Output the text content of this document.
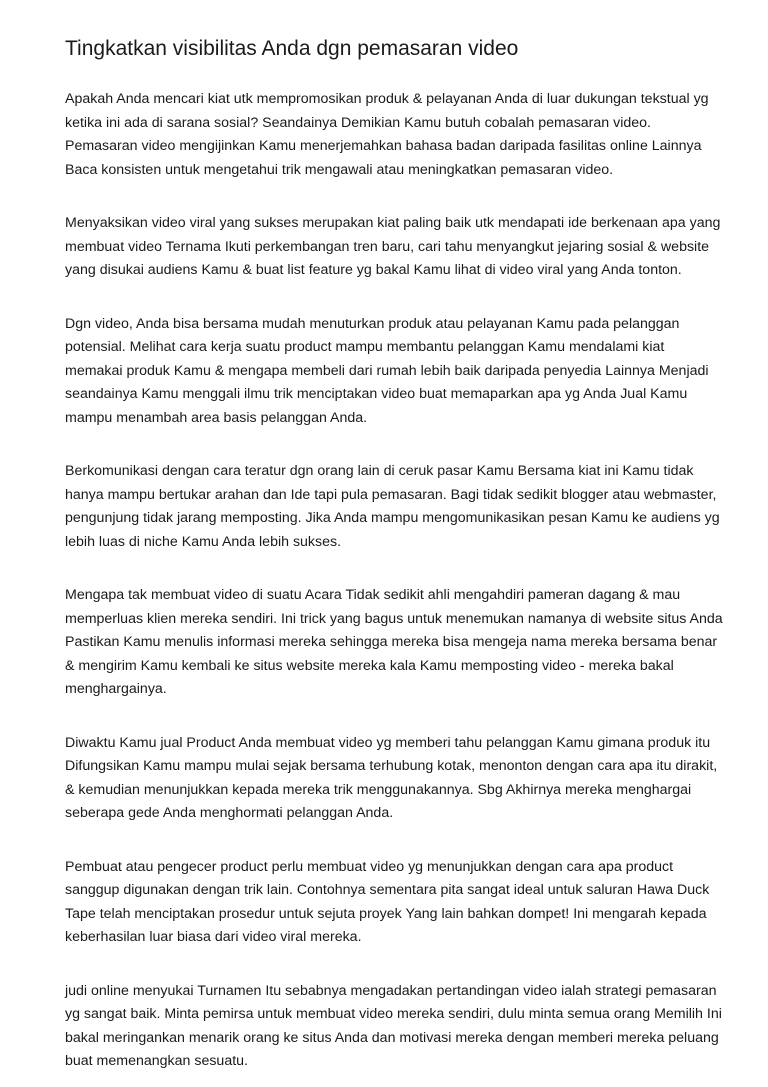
Tingkatkan visibilitas Anda dgn pemasaran video

Apakah Anda mencari kiat utk mempromosikan produk & pelayanan Anda di luar dukungan tekstual yg ketika ini ada di sarana sosial? Seandainya Demikian Kamu butuh cobalah pemasaran video. Pemasaran video mengijinkan Kamu menerjemahkan bahasa badan daripada fasilitas online Lainnya Baca konsisten untuk mengetahui trik mengawali atau meningkatkan pemasaran video.

Menyaksikan video viral yang sukses merupakan kiat paling baik utk mendapati ide berkenaan apa yang membuat video Ternama Ikuti perkembangan tren baru, cari tahu menyangkut jejaring sosial & website yang disukai audiens Kamu & buat list feature yg bakal Kamu lihat di video viral yang Anda tonton.

Dgn video, Anda bisa bersama mudah menuturkan produk atau pelayanan Kamu pada pelanggan potensial. Melihat cara kerja suatu product mampu membantu pelanggan Kamu mendalami kiat memakai produk Kamu & mengapa membeli dari rumah lebih baik daripada penyedia Lainnya Menjadi seandainya Kamu menggali ilmu trik menciptakan video buat memaparkan apa yg Anda Jual Kamu mampu menambah area basis pelanggan Anda.

Berkomunikasi dengan cara teratur dgn orang lain di ceruk pasar Kamu Bersama kiat ini Kamu tidak hanya mampu bertukar arahan dan Ide tapi pula pemasaran. Bagi tidak sedikit blogger atau webmaster, pengunjung tidak jarang memposting. Jika Anda mampu mengomunikasikan pesan Kamu ke audiens yg lebih luas di niche Kamu Anda lebih sukses.

Mengapa tak membuat video di suatu Acara Tidak sedikit ahli mengahdiri pameran dagang & mau memperluas klien mereka sendiri. Ini trick yang bagus untuk menemukan namanya di website situs Anda Pastikan Kamu menulis informasi mereka sehingga mereka bisa mengeja nama mereka bersama benar & mengirim Kamu kembali ke situs website mereka kala Kamu memposting video - mereka bakal menghargainya.

Diwaktu Kamu jual Product Anda membuat video yg memberi tahu pelanggan Kamu gimana produk itu Difungsikan Kamu mampu mulai sejak bersama terhubung kotak, menonton dengan cara apa itu dirakit, & kemudian menunjukkan kepada mereka trik menggunakannya. Sbg Akhirnya mereka menghargai seberapa gede Anda menghormati pelanggan Anda.

Pembuat atau pengecer product perlu membuat video yg menunjukkan dengan cara apa product sanggup digunakan dengan trik lain. Contohnya sementara pita sangat ideal untuk saluran Hawa Duck Tape telah menciptakan prosedur untuk sejuta proyek Yang lain bahkan dompet! Ini mengarah kepada keberhasilan luar biasa dari video viral mereka.

judi online menyukai Turnamen Itu sebabnya mengadakan pertandingan video ialah strategi pemasaran yg sangat baik. Minta pemirsa untuk membuat video mereka sendiri, dulu minta semua orang Memilih Ini bakal meringankan menarik orang ke situs Anda dan motivasi mereka dengan memberi mereka peluang buat memenangkan sesuatu.
